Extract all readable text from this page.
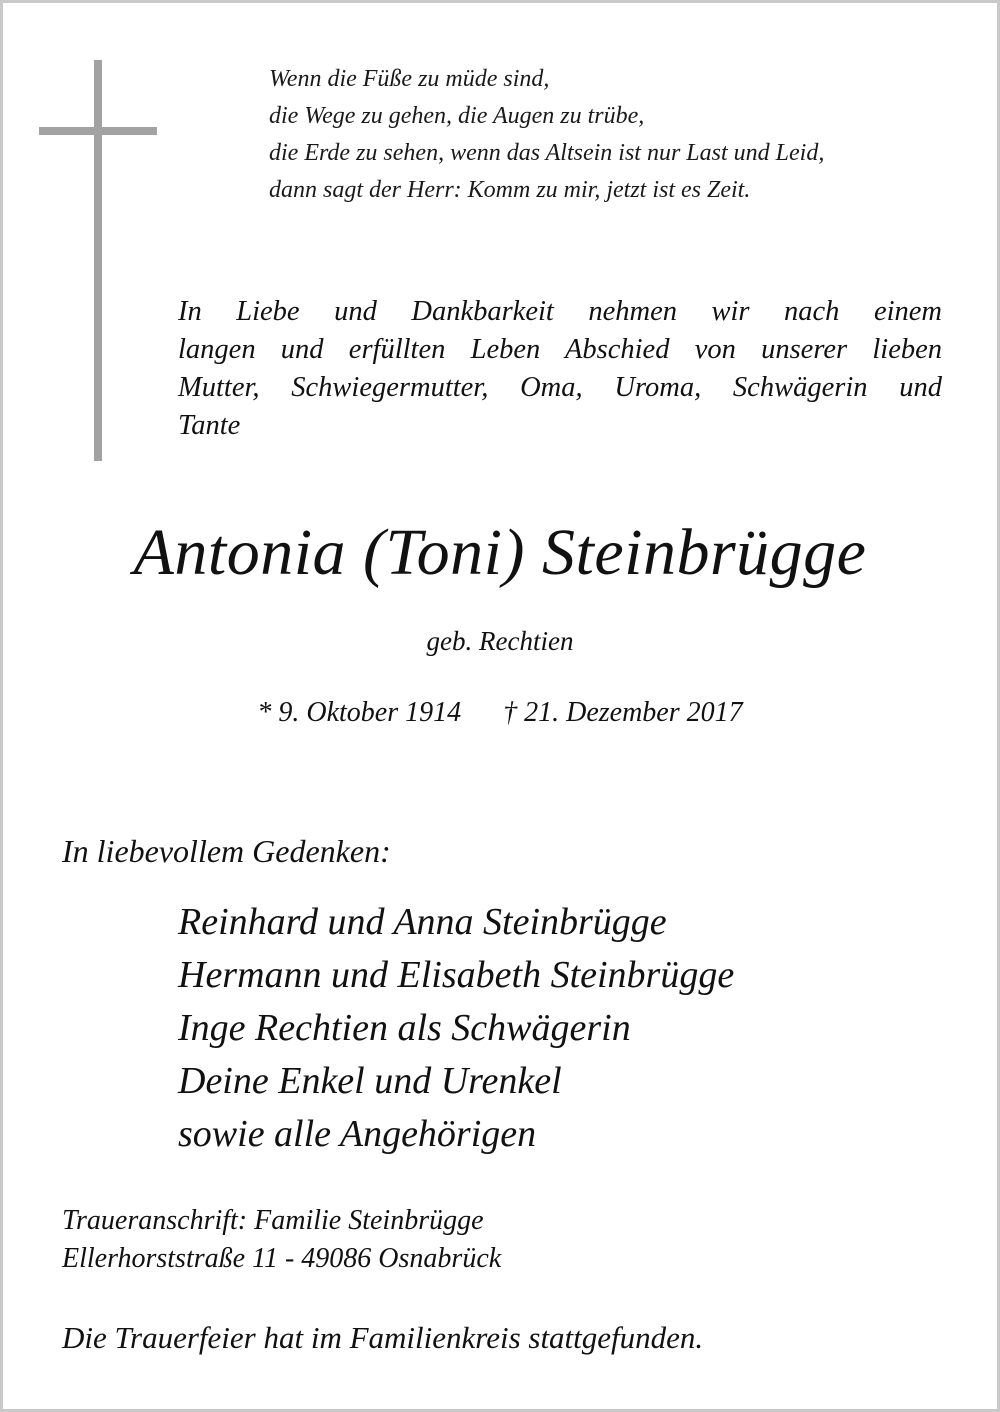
Wenn die Füße zu müde sind,
die Wege zu gehen, die Augen zu trübe,
die Erde zu sehen, wenn das Altsein ist nur Last und Leid,
dann sagt der Herr: Komm zu mir, jetzt ist es Zeit.
In Liebe und Dankbarkeit nehmen wir nach einem
langen und erfüllten Leben Abschied von unserer lieben
Mutter, Schwiegermutter, Oma, Uroma, Schwägerin und
Tante
Antonia (Toni) Steinbrügge
geb. Rechtien
* 9. Oktober 1914 † 21. Dezember 2017
In liebevollem Gedenken:
Reinhard und Anna Steinbrügge
Hermann und Elisabeth Steinbrügge
Inge Rechtien als Schwägerin
Deine Enkel und Urenkel
sowie alle Angehörigen
Traueranschrift: Familie Steinbrügge
Ellerhorststraße 11 - 49086 Osnabrück
Die Trauerfeier hat im Familienkreis stattgefunden.
